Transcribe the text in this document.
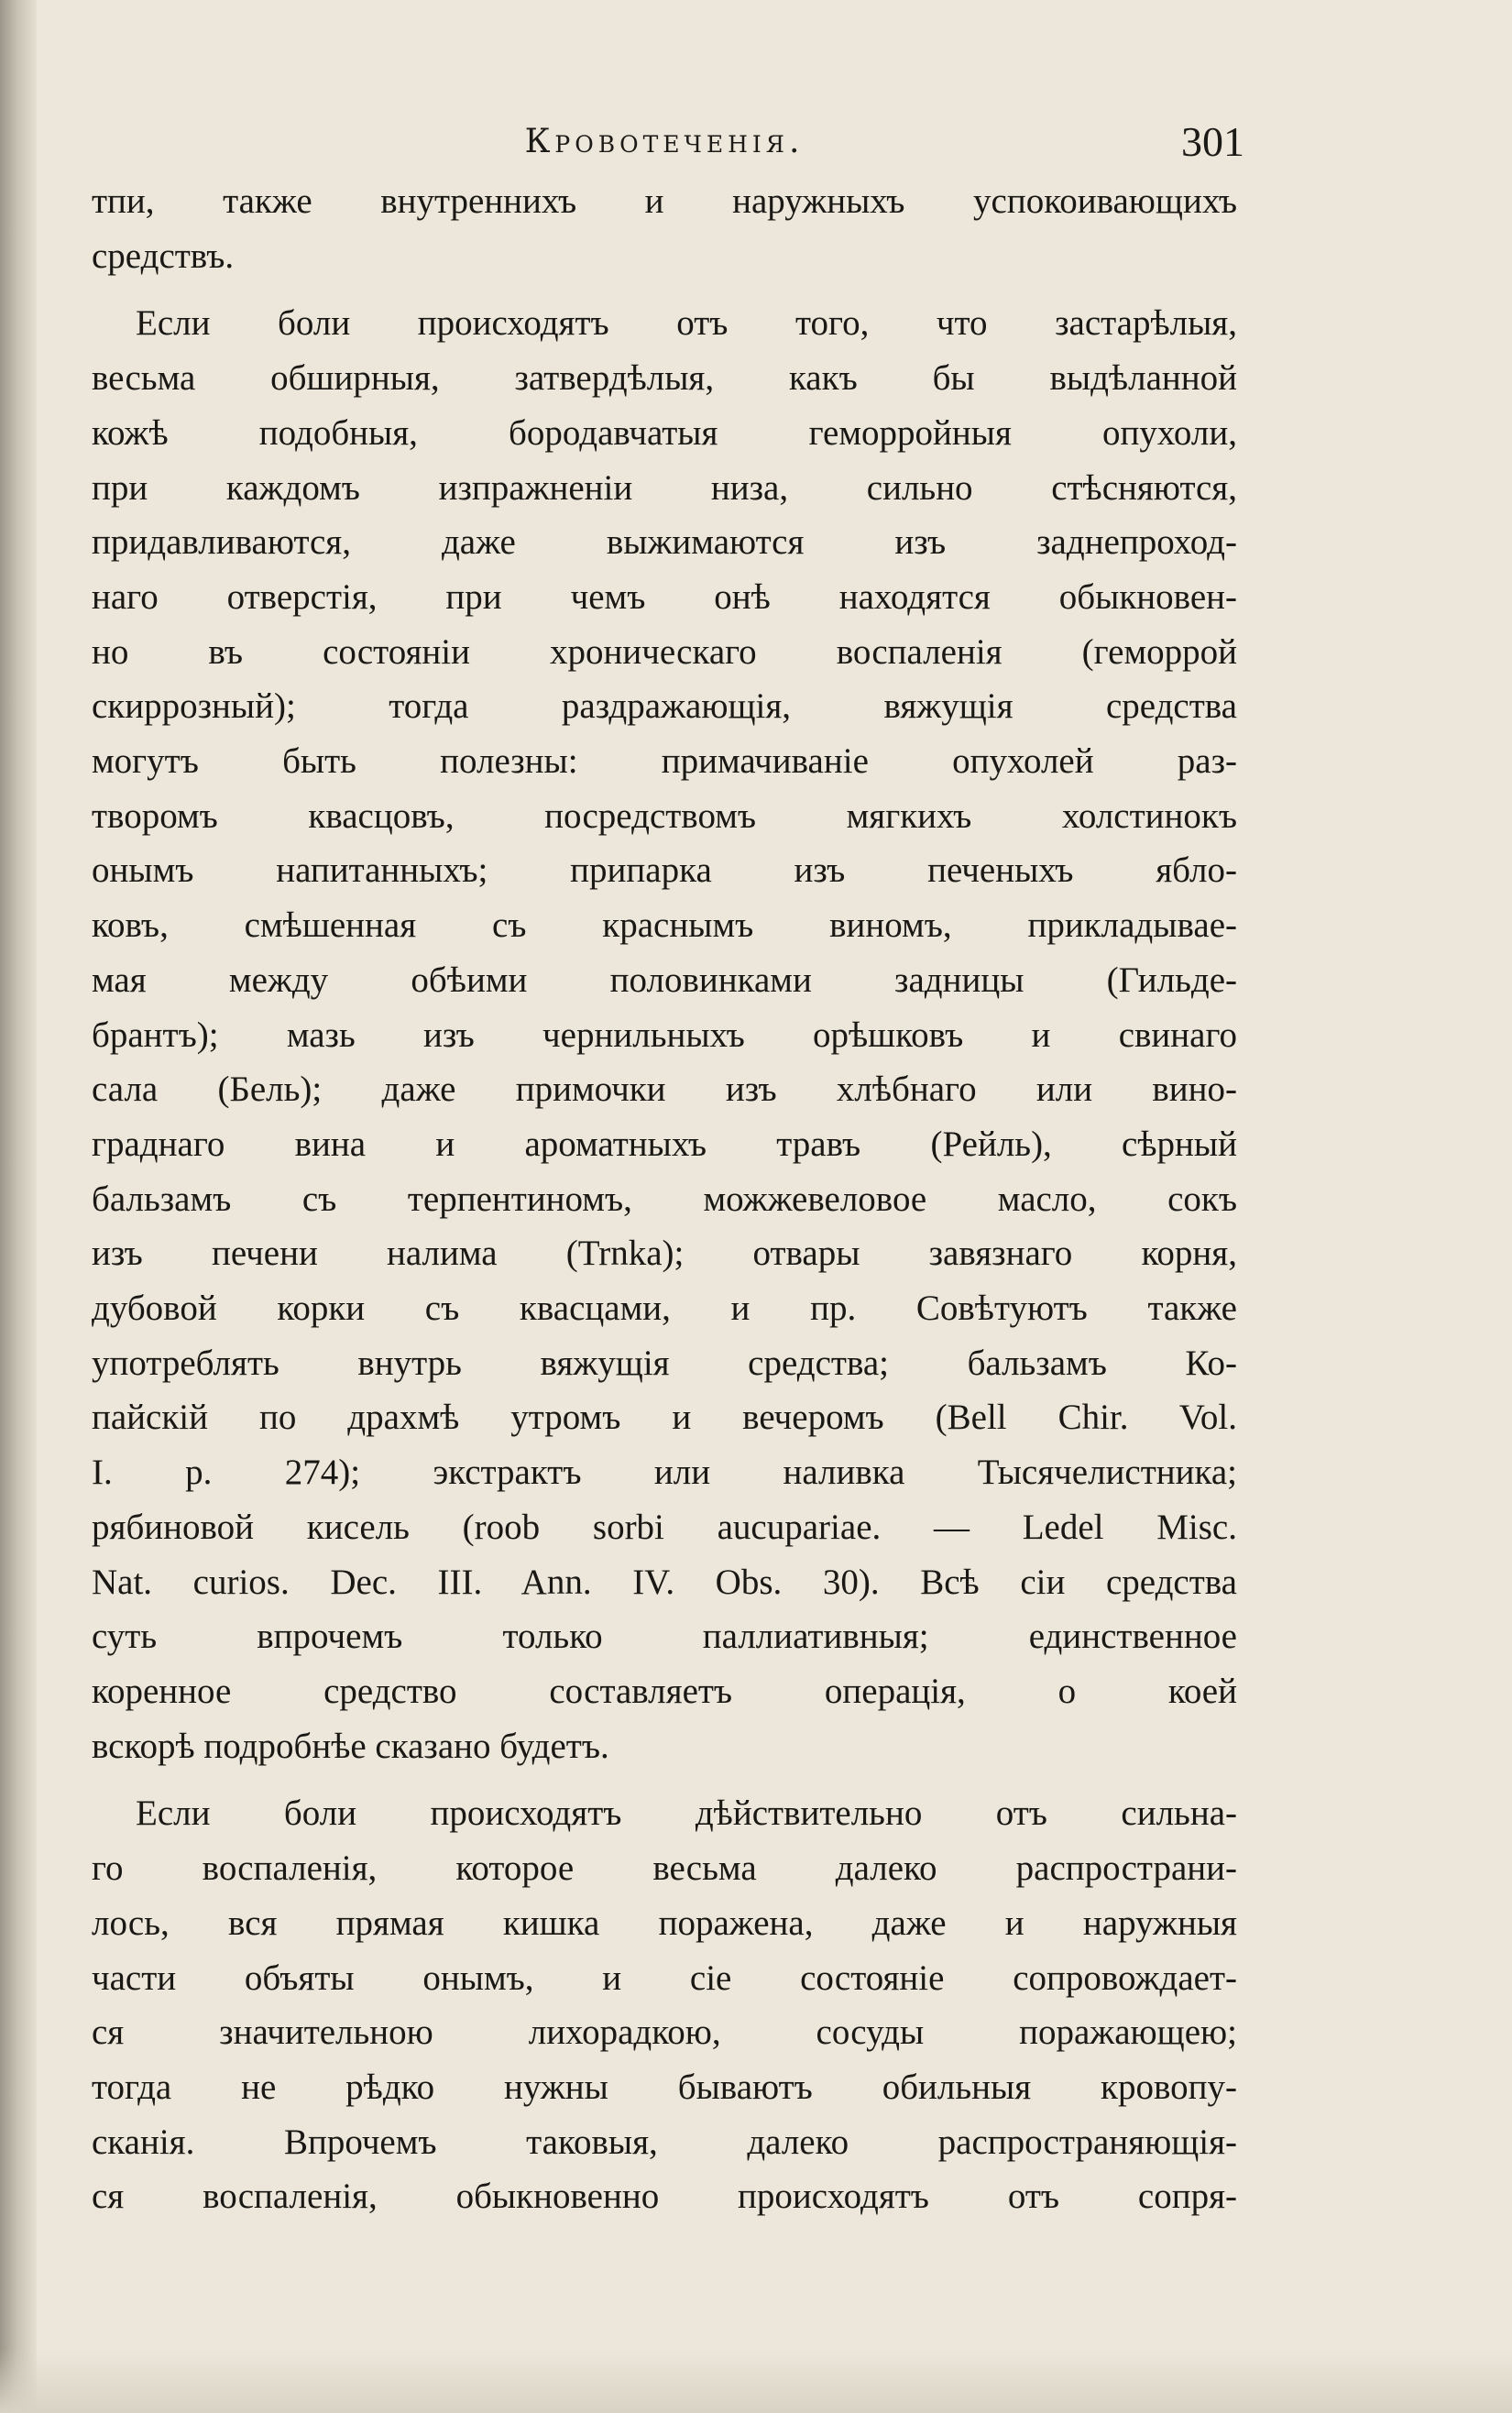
Кровотеченія.	301

тпи, также внутреннихъ и наружныхъ успокоивающихъ
средствъ.

Если боли происходятъ отъ того, что застарѣлыя,
весьма обширныя, затвердѣлыя, какъ бы выдѣланной
кожѣ подобныя, бородавчатыя геморройныя опухоли,
при каждомъ изпражненіи низа, сильно стѣсняются,
придавливаются, даже выжимаются изъ заднепроход-
наго отверстія, при чемъ онѣ находятся обыкновен-
но въ состояніи хроническаго воспаленія (геморрой
скиррозный); тогда раздражающія, вяжущія средства
могутъ быть полезны: примачиваніе опухолей раз-
творомъ квасцовъ, посредствомъ мягкихъ холстинокъ
онымъ напитанныхъ; припарка изъ печеныхъ ябло-
ковъ, смѣшенная съ краснымъ виномъ, прикладывае-
мая между обѣими половинками задницы (Гильде-
брантъ); мазь изъ чернильныхъ орѣшковъ и свинаго
сала (Бель); даже примочки изъ хлѣбнаго или вино-
граднаго вина и ароматныхъ травъ (Рейль), сѣрный
бальзамъ съ терпентиномъ, можжевеловое масло, сокъ
изъ печени налима (Trnka); отвары завязнаго корня,
дубовой корки съ квасцами, и пр. Совѣтуютъ также
употреблять внутрь вяжущія средства; бальзамъ Ко-
пайскій по драхмѣ утромъ и вечеромъ (Bell Chir. Vol.
I. p. 274); экстрактъ или наливка Тысячелистника;
рябиновой кисель (roob sorbi aucupariae. — Ledel Misc.
Nat. curios. Dec. III. Ann. IV. Obs. 30). Всѣ сіи средства
суть впрочемъ только паллиативныя; единственное
коренное средство составляетъ операція, о коей
вскорѣ подробнѣе сказано будетъ.

Если боли происходятъ дѣйствительно отъ сильна-
го воспаленія, которое весьма далеко распространи-
лось, вся прямая кишка поражена, даже и наружныя
части объяты онымъ, и сіе состояніе сопровождает-
ся значительною лихорадкою, сосуды поражающею;
тогда не рѣдко нужны бываютъ обильныя кровопу-
сканія. Впрочемъ таковыя, далеко распространяющія-
ся воспаленія, обыкновенно происходятъ отъ сопря-
